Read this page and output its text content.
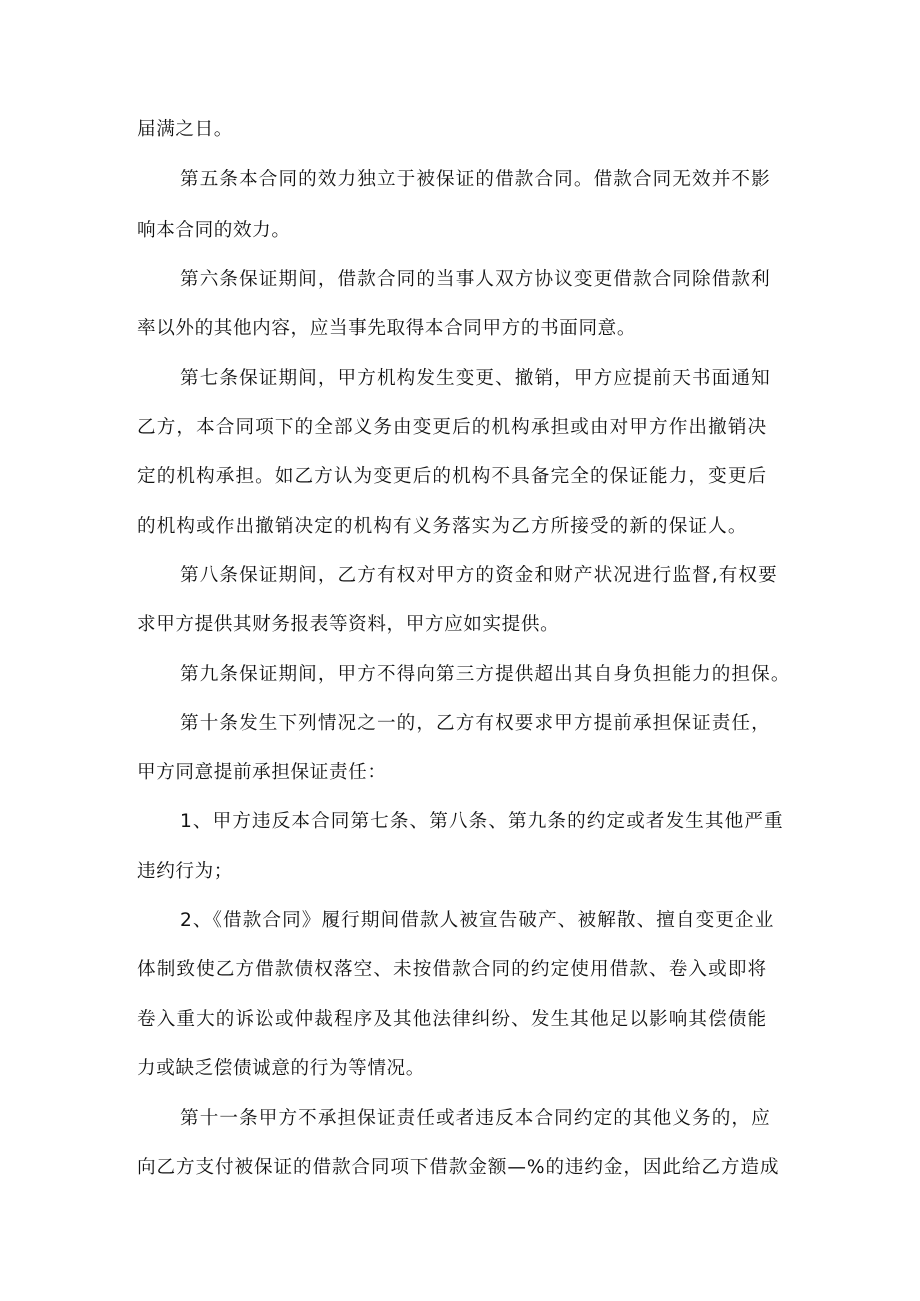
届满之日。
第五条本合同的效力独立于被保证的借款合同。借款合同无效并不影
响本合同的效力。
第六条保证期间，借款合同的当事人双方协议变更借款合同除借款利
率以外的其他内容，应当事先取得本合同甲方的书面同意。
第七条保证期间，甲方机构发生变更、撤销，甲方应提前天书面通知
乙方，本合同项下的全部义务由变更后的机构承担或由对甲方作出撤销决
定的机构承担。如乙方认为变更后的机构不具备完全的保证能力，变更后
的机构或作出撤销决定的机构有义务落实为乙方所接受的新的保证人。
第八条保证期间，乙方有权对甲方的资金和财产状况进行监督,有权要
求甲方提供其财务报表等资料，甲方应如实提供。
第九条保证期间，甲方不得向第三方提供超出其自身负担能力的担保。
第十条发生下列情况之一的，乙方有权要求甲方提前承担保证责任，
甲方同意提前承担保证责任：
1、甲方违反本合同第七条、第八条、第九条的约定或者发生其他严重
违约行为；
2、《借款合同》履行期间借款人被宣告破产、被解散、擅自变更企业
体制致使乙方借款债权落空、未按借款合同的约定使用借款、卷入或即将
卷入重大的诉讼或仲裁程序及其他法律纠纷、发生其他足以影响其偿债能
力或缺乏偿债诚意的行为等情况。
第十一条甲方不承担保证责任或者违反本合同约定的其他义务的，应
向乙方支付被保证的借款合同项下借款金额—%的违约金，因此给乙方造成
